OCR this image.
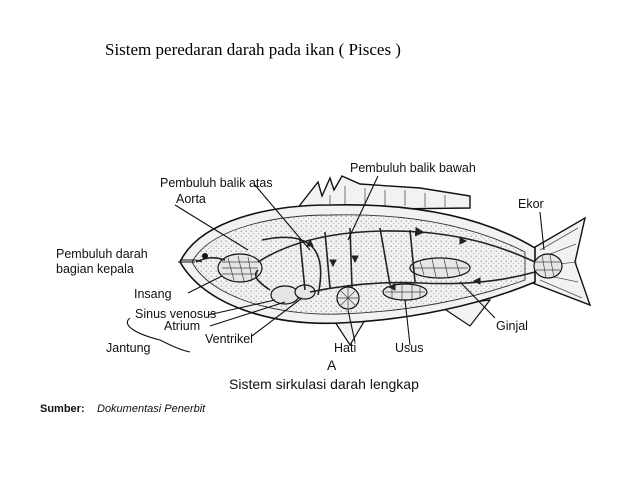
Sistem peredaran darah pada ikan ( Pisces )
Pembuluh balik bawah
Pembuluh balik atas
Aorta	Ekor
Pembuluh darah
bagian kepala
Insang
Sinus venosus
Atrium
Ventrikel
Jantung	Hati	Usus
Ginjal
A
Sistem sirkulasi darah lengkap
Sumber: Dokumentasi Penerbit
